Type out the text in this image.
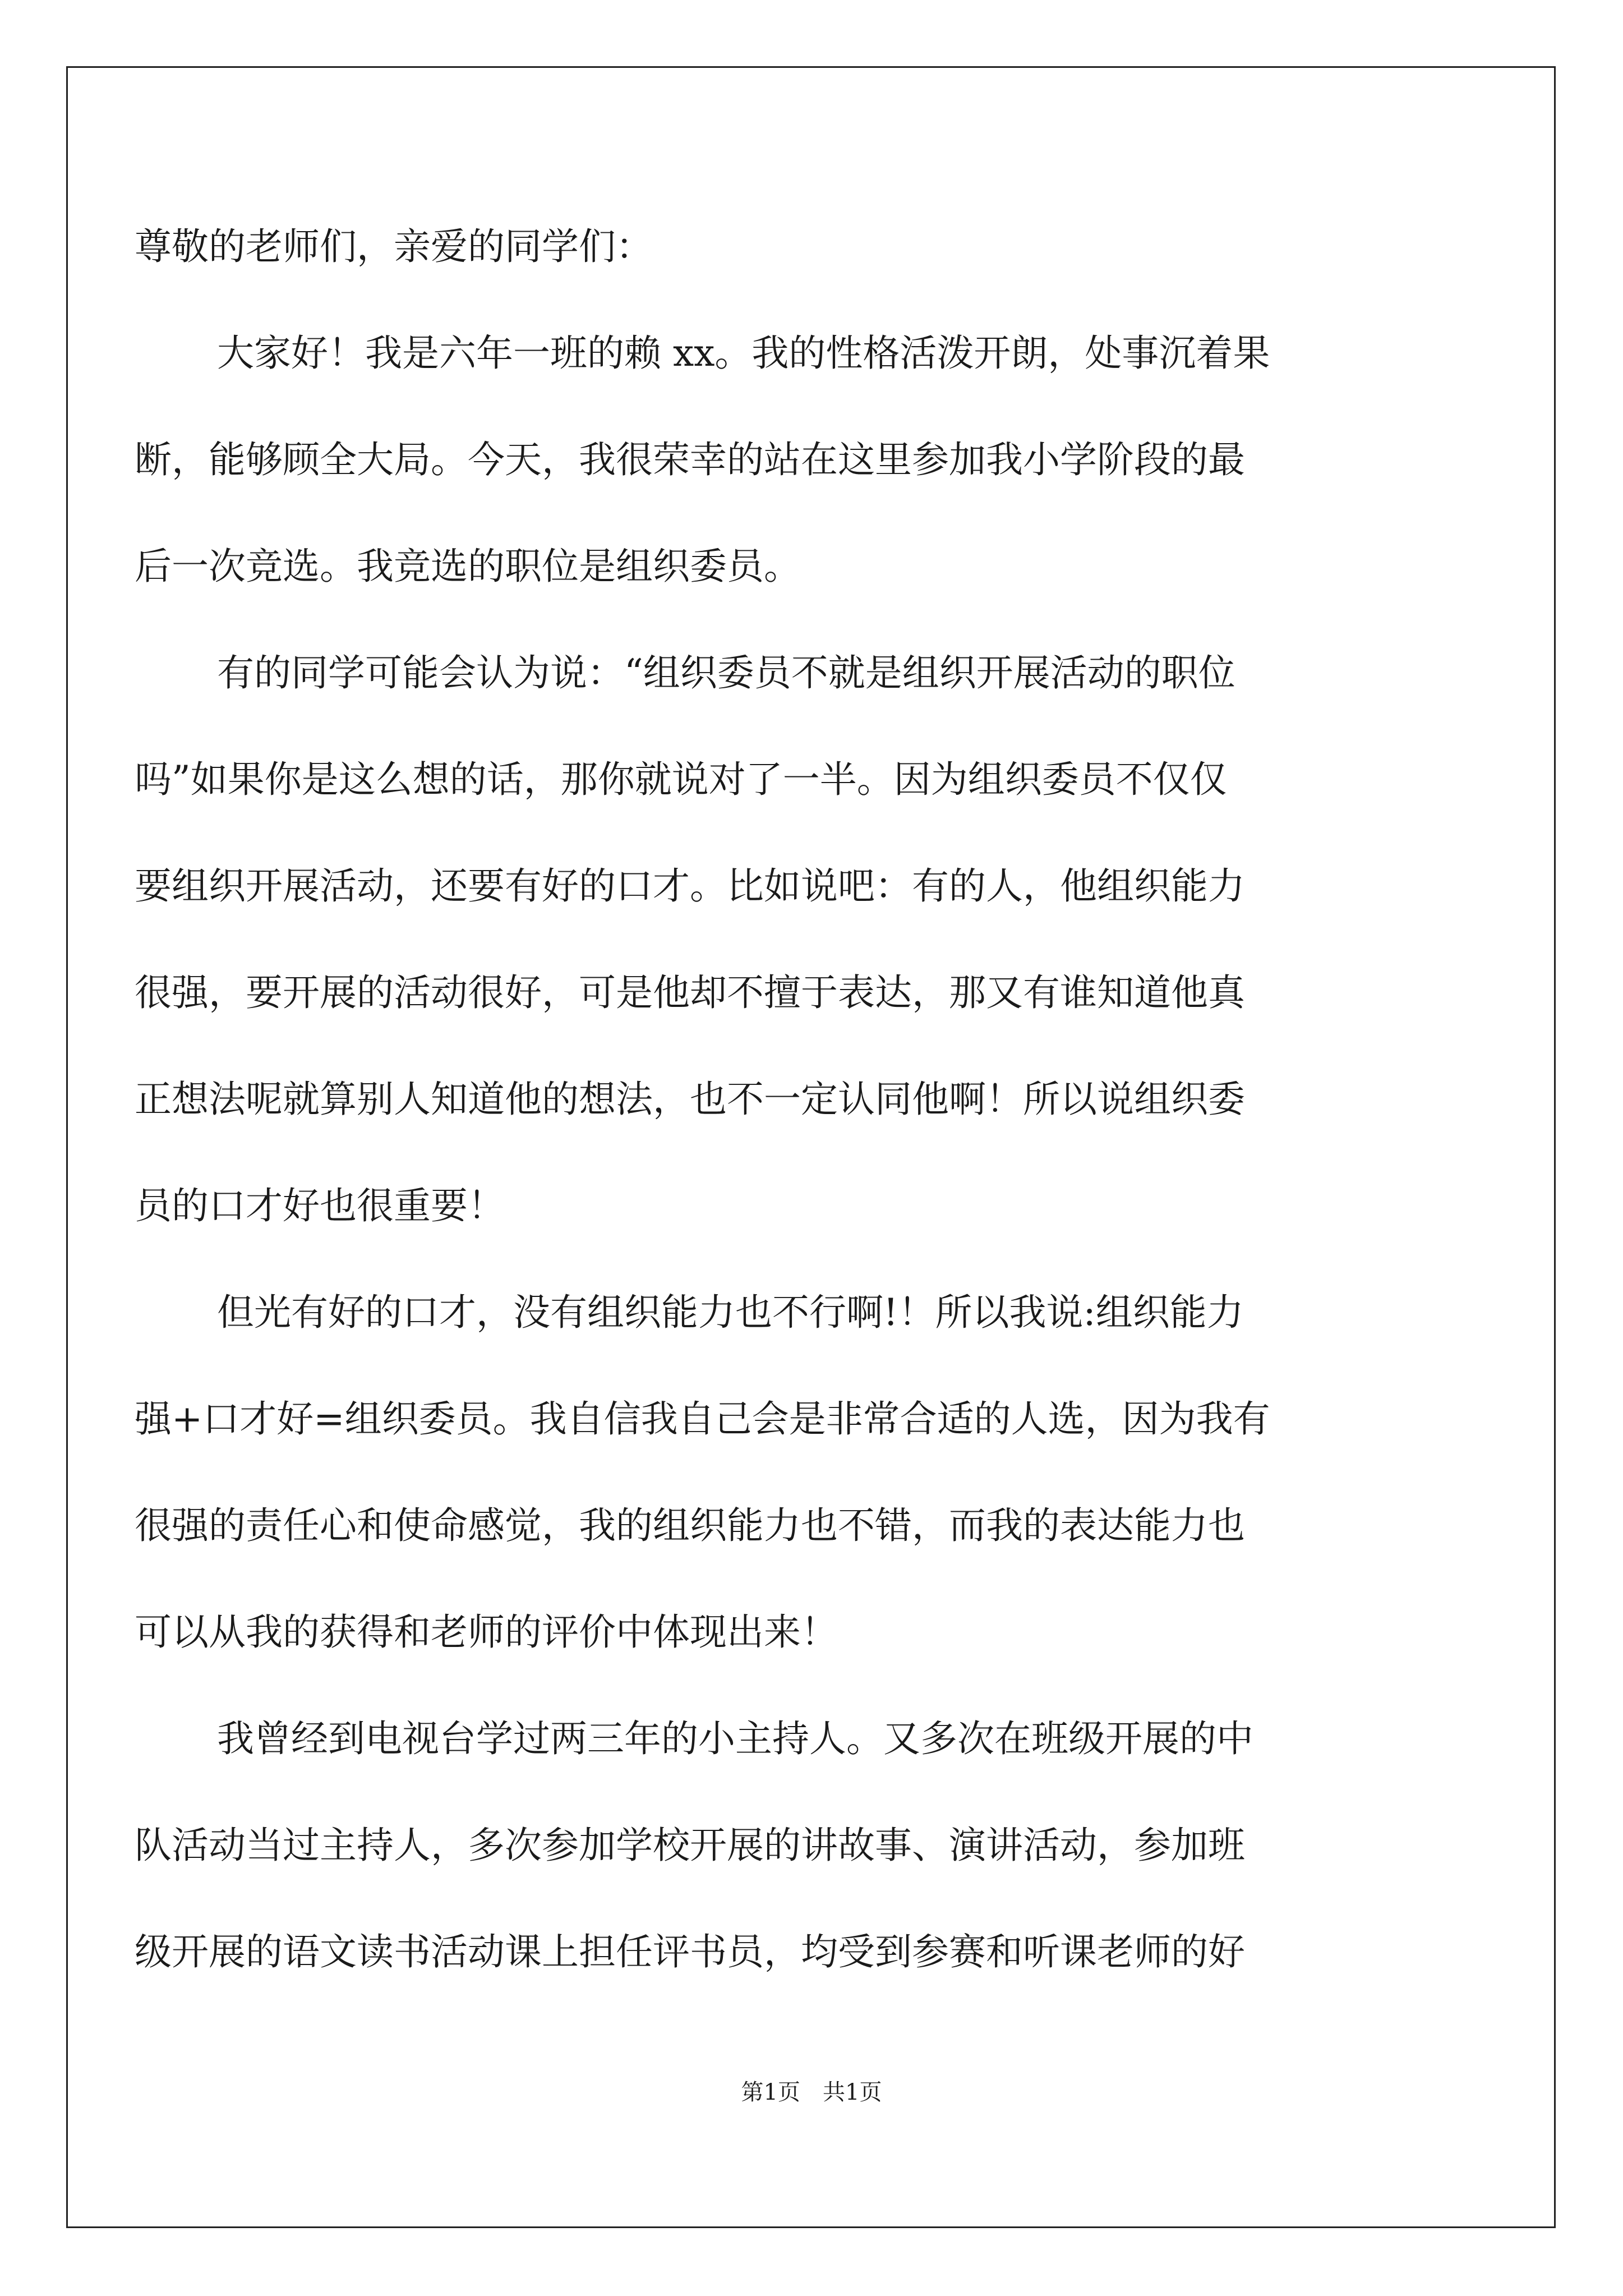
尊敬的老师们，亲爱的同学们：
大家好！我是六年一班的赖 xx。我的性格活泼开朗，处事沉着果
断，能够顾全大局。今天，我很荣幸的站在这里参加我小学阶段的最
后一次竞选。我竞选的职位是组织委员。
有的同学可能会认为说：“组织委员不就是组织开展活动的职位
吗”如果你是这么想的话，那你就说对了一半。因为组织委员不仅仅
要组织开展活动，还要有好的口才。比如说吧：有的人，他组织能力
很强，要开展的活动很好，可是他却不擅于表达，那又有谁知道他真
正想法呢就算别人知道他的想法，也不一定认同他啊！所以说组织委
员的口才好也很重要！
但光有好的口才，没有组织能力也不行啊!！所以我说:组织能力
强+口才好=组织委员。我自信我自己会是非常合适的人选，因为我有
很强的责任心和使命感觉，我的组织能力也不错，而我的表达能力也
可以从我的获得和老师的评价中体现出来！
我曾经到电视台学过两三年的小主持人。又多次在班级开展的中
队活动当过主持人，多次参加学校开展的讲故事、演讲活动，参加班
级开展的语文读书活动课上担任评书员，均受到参赛和听课老师的好
第1页 共1页
